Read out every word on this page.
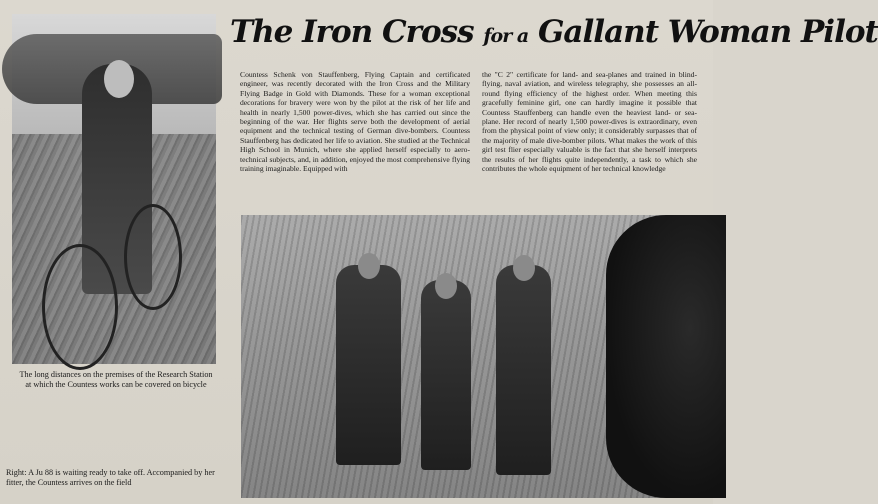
The long distances on the premises of the Research Station at which the Countess works can be covered on bicycle
Right: A Ju 88 is waiting ready to take off. Accompanied by her fitter, the Countess arrives on the field
The Iron Cross for a Gallant Woman Pilot

Countess Schenk von Stauffenberg, Flying Captain and certificated engineer, was recently decorated with the Iron Cross and the Military Flying Badge in Gold with Diamonds. These for a woman exceptional decorations for bravery were won by the pilot at the risk of her life and health in nearly 1,500 power-dives, which she has carried out since the beginning of the war. Her flights serve both the development of aerial equipment and the technical testing of German dive-bombers. Countess Stauffenberg has dedicated her life to aviation. She studied at the Technical High School in Munich, where she applied herself especially to aero-technical subjects, and, in addition, enjoyed the most comprehensive flying training imaginable. Equipped with

the "C 2" certificate for land- and sea-planes and trained in blind-flying, naval aviation, and wireless telegraphy, she possesses an all-round flying efficiency of the highest order. When meeting this gracefully feminine girl, one can hardly imagine it possible that Countess Stauffenberg can handle even the heaviest land- or sea-plane. Her record of nearly 1,500 power-dives is extraordinary, even from the physical point of view only; it considerably surpasses that of the majority of male dive-bomber pilots. What makes the work of this girl test flier especially valuable is the fact that she herself interprets the results of her flights quite independently, a task to which she contributes the whole equipment of her technical knowledge
